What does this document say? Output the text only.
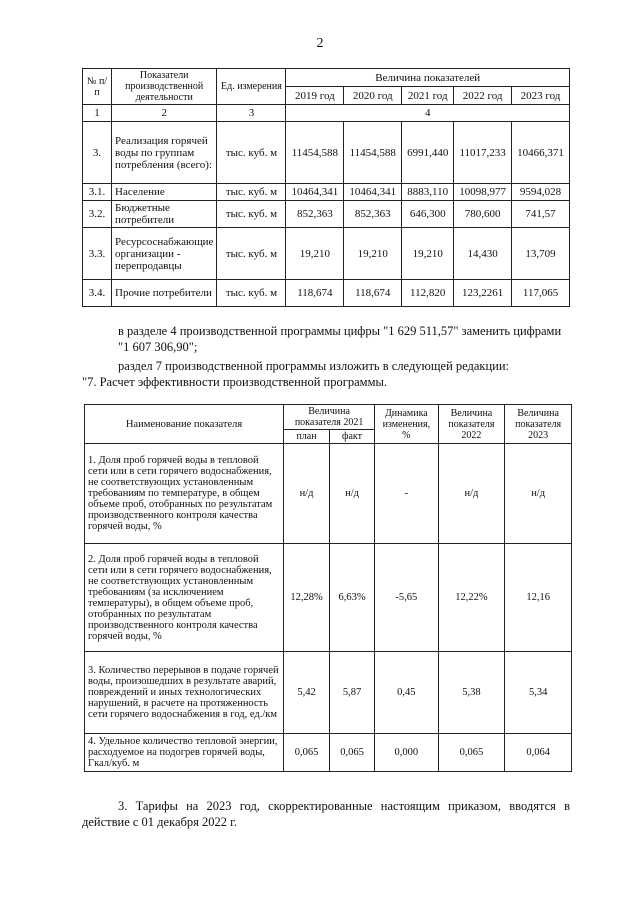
2
№ п/п	Показатели производственной деятельности	Ед. измерения	Величина показателей				
			2019 год	2020 год	2021 год	2022 год	2023 год
1	2	3	4				
3.	Реализация горячей воды по группам потребления (всего):	тыс. куб. м	11454,588	11454,588	6991,440	11017,233	10466,371
3.1.	Население	тыс. куб. м	10464,341	10464,341	8883,110	10098,977	9594,028
3.2.	Бюджетные потребители	тыс. куб. м	852,363	852,363	646,300	780,600	741,57
3.3.	Ресурсоснабжающие организации - перепродавцы	тыс. куб. м	19,210	19,210	19,210	14,430	13,709
3.4.	Прочие потребители	тыс. куб. м	118,674	118,674	112,820	123,2261	117,065
в разделе 4 производственной программы цифры "1 629 511,57" заменить цифрами "1 607 306,90";
раздел 7 производственной программы изложить в следующей редакции:
"7. Расчет эффективности производственной программы.
Наименование показателя	Величина показателя 2021		Динамика изменения, %	Величина показателя 2022	Величина показателя 2023
	план	факт			
1. Доля проб горячей воды в тепловой сети или в сети горячего водоснабжения, не соответствующих установленным требованиям по температуре, в общем объеме проб, отобранных по результатам производственного контроля качества горячей воды, %	н/д	н/д	-	н/д	н/д
2. Доля проб горячей воды в тепловой сети или в сети горячего водоснабжения, не соответствующих установленным требованиям (за исключением температуры), в общем объеме проб, отобранных по результатам производственного контроля качества горячей воды, %	12,28%	6,63%	-5,65	12,22%	12,16
3. Количество перерывов в подаче горячей воды, произошедших в результате аварий, повреждений и иных технологических нарушений, в расчете на протяженность сети горячего водоснабжения в год, ед./км	5,42	5,87	0,45	5,38	5,34
4. Удельное количество тепловой энергии, расходуемое на подогрев горячей воды, Гкал/куб. м	0,065	0,065	0,000	0,065	0,064
3. Тарифы на 2023 год, скорректированные настоящим приказом, вводятся в действие с 01 декабря 2022 г.
